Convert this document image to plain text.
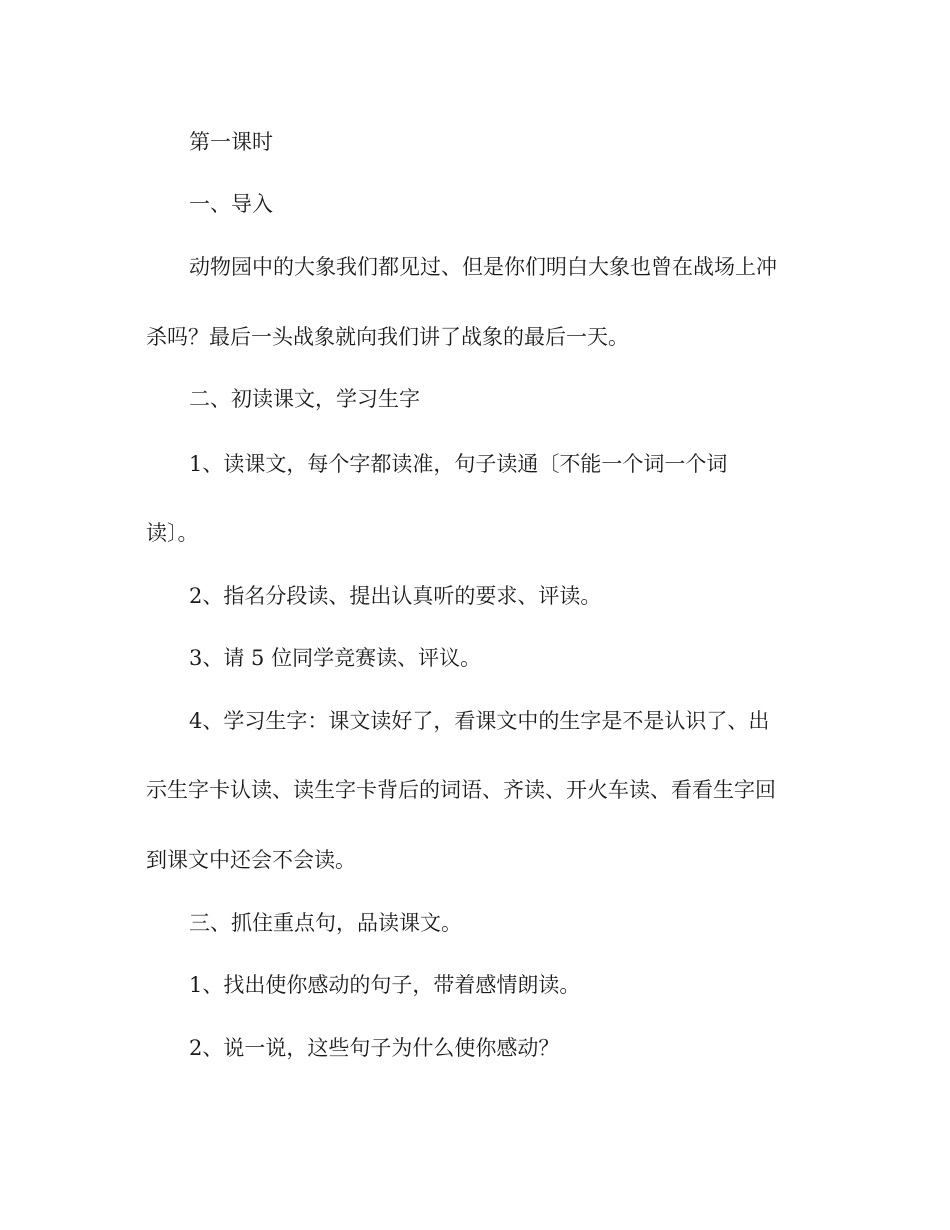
第一课时
一、导入
动物园中的大象我们都见过、但是你们明白大象也曾在战场上冲
杀吗？最后一头战象就向我们讲了战象的最后一天。
二、初读课文，学习生字
1、读课文，每个字都读准，句子读通〔不能一个词一个词
读〕。
2、指名分段读、提出认真听的要求、评读。
3、请 5 位同学竞赛读、评议。
4、学习生字：课文读好了，看课文中的生字是不是认识了、出
示生字卡认读、读生字卡背后的词语、齐读、开火车读、看看生字回
到课文中还会不会读。
三、抓住重点句，品读课文。
1、找出使你感动的句子，带着感情朗读。
2、说一说，这些句子为什么使你感动？
